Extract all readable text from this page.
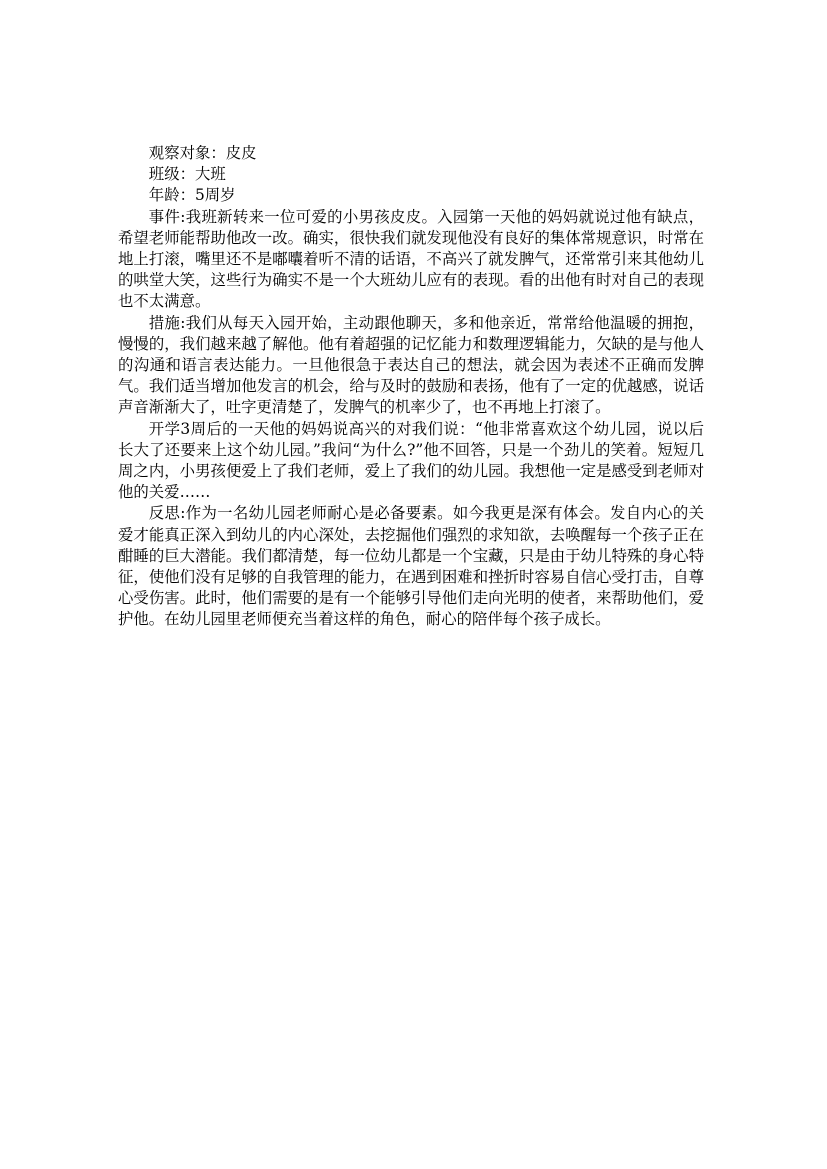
观察对象：皮皮

班级：大班

年龄：5周岁

事件:我班新转来一位可爱的小男孩皮皮。入园第一天他的妈妈就说过他有缺点，希望老师能帮助他改一改。确实，很快我们就发现他没有良好的集体常规意识，时常在地上打滚，嘴里还不是嘟囔着听不清的话语，不高兴了就发脾气，还常常引来其他幼儿的哄堂大笑，这些行为确实不是一个大班幼儿应有的表现。看的出他有时对自己的表现也不太满意。

措施:我们从每天入园开始，主动跟他聊天，多和他亲近，常常给他温暖的拥抱，慢慢的，我们越来越了解他。他有着超强的记忆能力和数理逻辑能力，欠缺的是与他人的沟通和语言表达能力。一旦他很急于表达自己的想法，就会因为表述不正确而发脾气。我们适当增加他发言的机会，给与及时的鼓励和表扬，他有了一定的优越感，说话声音渐渐大了，吐字更清楚了，发脾气的机率少了，也不再地上打滚了。

开学3周后的一天他的妈妈说高兴的对我们说：“他非常喜欢这个幼儿园，说以后长大了还要来上这个幼儿园。”我问“为什么?”他不回答，只是一个劲儿的笑着。短短几周之内，小男孩便爱上了我们老师，爱上了我们的幼儿园。我想他一定是感受到老师对他的关爱……

反思:作为一名幼儿园老师耐心是必备要素。如今我更是深有体会。发自内心的关爱才能真正深入到幼儿的内心深处，去挖掘他们强烈的求知欲，去唤醒每一个孩子正在酣睡的巨大潜能。我们都清楚，每一位幼儿都是一个宝藏，只是由于幼儿特殊的身心特征，使他们没有足够的自我管理的能力，在遇到困难和挫折时容易自信心受打击，自尊心受伤害。此时，他们需要的是有一个能够引导他们走向光明的使者，来帮助他们，爱护他。在幼儿园里老师便充当着这样的角色，耐心的陪伴每个孩子成长。
